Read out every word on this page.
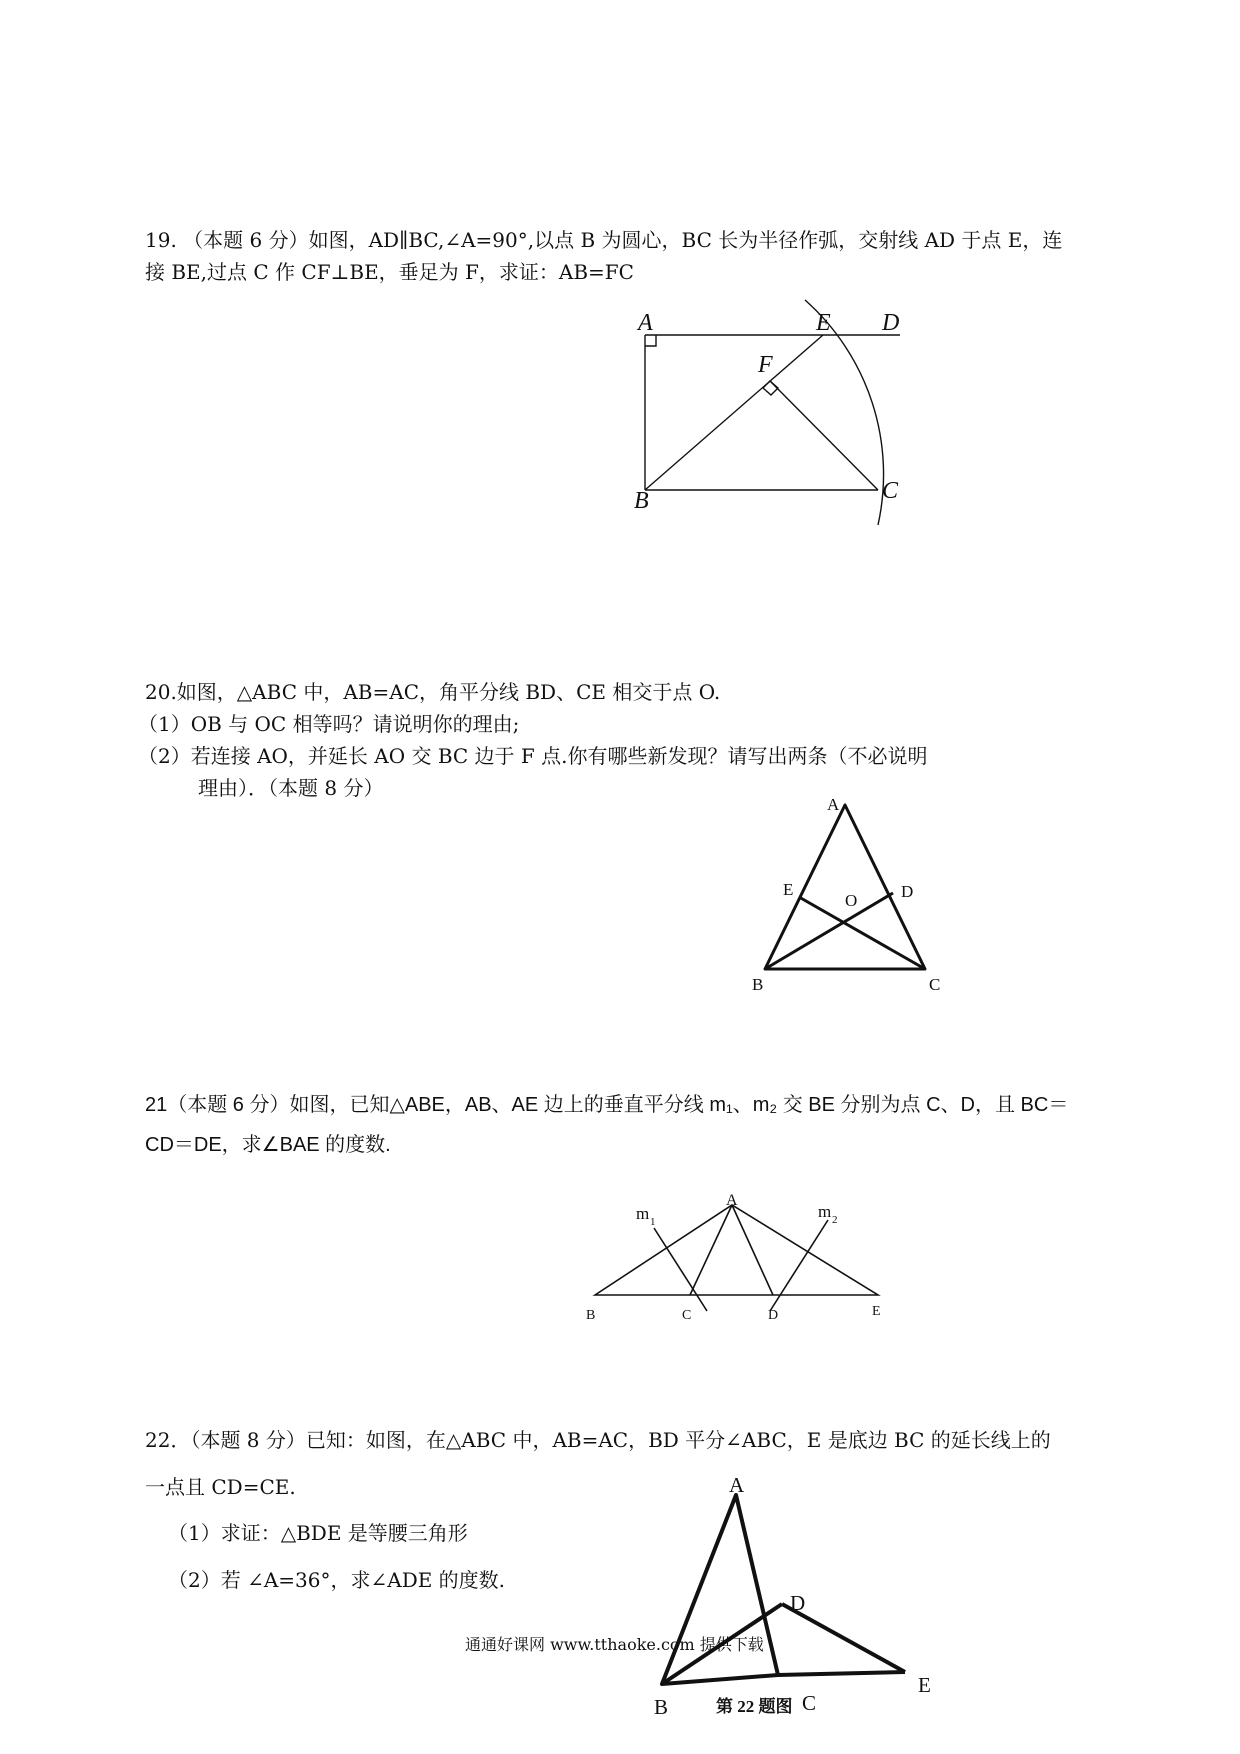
19. （本题 6 分）如图，AD∥BC,∠A=90°,以点 B 为圆心，BC 长为半径作弧，交射线 AD 于点 E，连
接 BE,过点 C 作 CF⊥BE，垂足为 F，求证：AB=FC
A	E D
F
B	C
20.如图，△ABC 中，AB=AC，角平分线 BD、CE 相交于点 O.
（1）OB 与 OC 相等吗？请说明你的理由;
（2）若连接 AO，并延长 AO 交 BC 边于 F 点.你有哪些新发现？请写出两条（不必说明
理由）．（本题 8 分）
A
E
O	D
B	C
21（本题 6 分）如图，已知△ABE，AB、AE 边上的垂直平分线 m₁、m₂ 交 BE 分别为点 C、D，且 BC＝
CD＝DE，求∠BAE 的度数.
m 1
A
m 2
B	C	D	E
22．（本题 8 分）已知：如图，在△ABC 中，AB=AC，BD 平分∠ABC，E 是底边 BC 的延长线上的
一点且 CD=CE.
（1）求证：△BDE 是等腰三角形
（2）若 ∠A=36°，求∠ADE 的度数.
A
D
B	C
E
第 22 题图
通通好课网 www.tthaoke.com 提供下载
